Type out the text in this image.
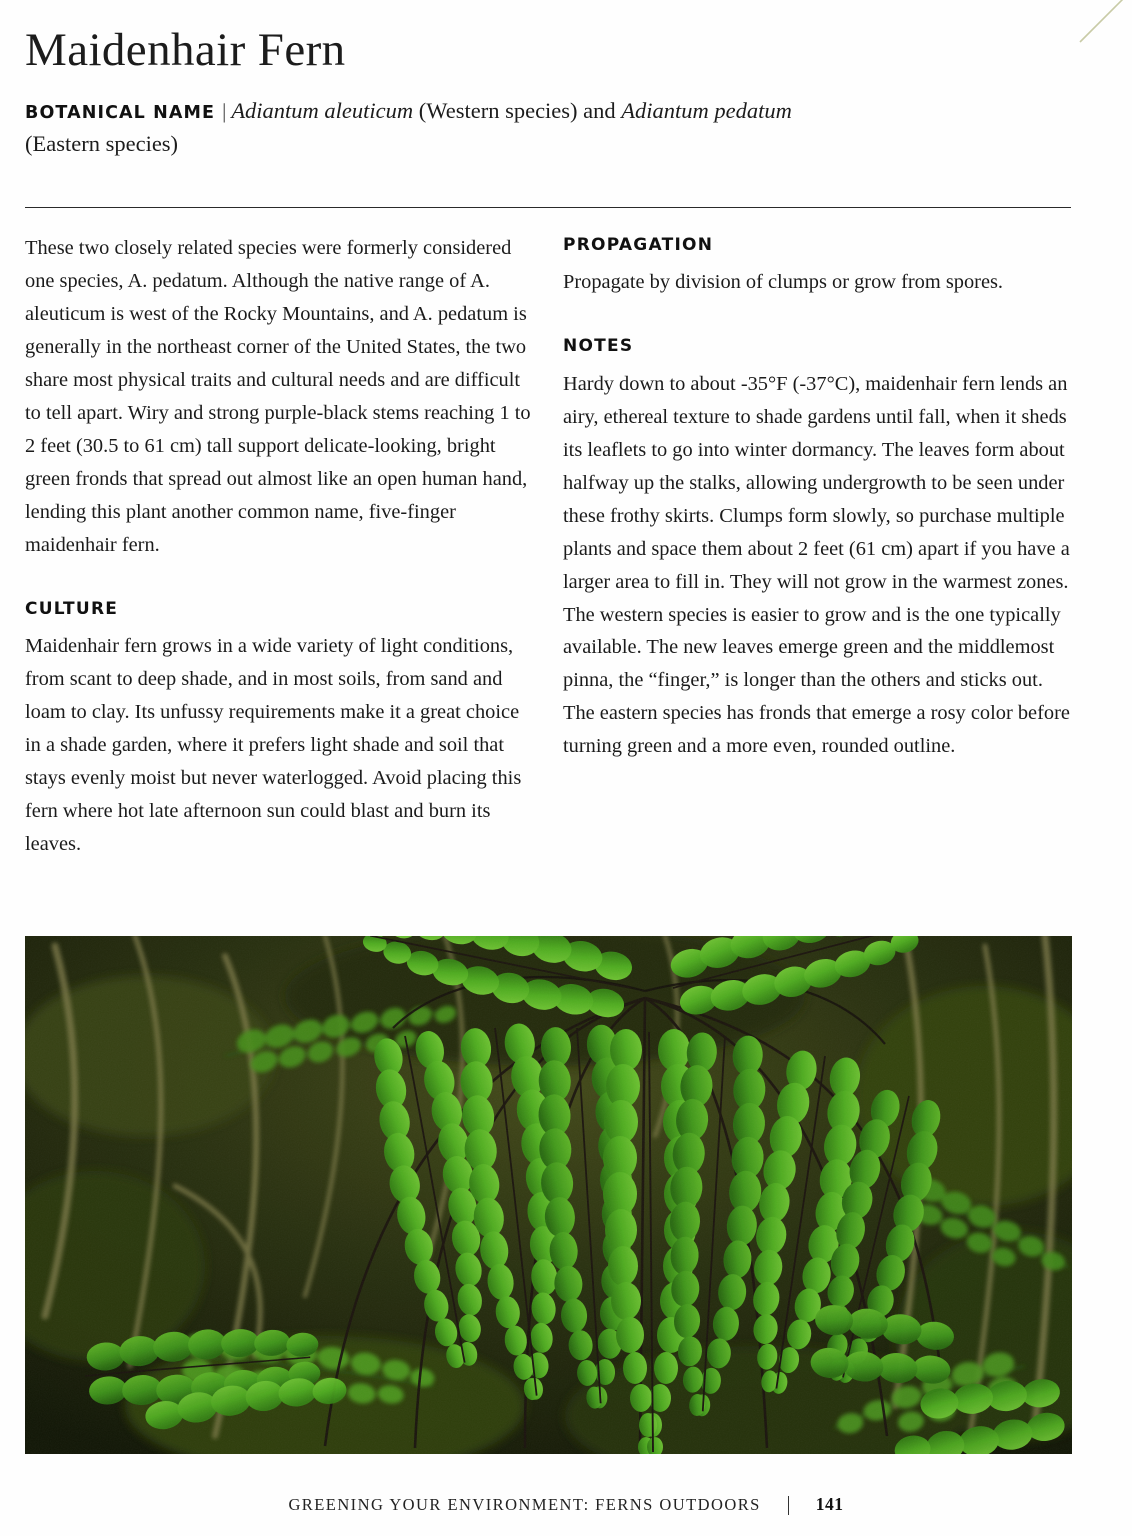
Maidenhair Fern

BOTANICAL NAME | Adiantum aleuticum (Western species) and Adiantum pedatum (Eastern species)

These two closely related species were formerly considered one species, A. pedatum. Although the native range of A. aleuticum is west of the Rocky Mountains, and A. pedatum is generally in the northeast corner of the United States, the two share most physical traits and cultural needs and are difficult to tell apart. Wiry and strong purple-black stems reaching 1 to 2 feet (30.5 to 61 cm) tall support delicate-looking, bright green fronds that spread out almost like an open human hand, lending this plant another common name, five-finger maidenhair fern.

CULTURE

Maidenhair fern grows in a wide variety of light conditions, from scant to deep shade, and in most soils, from sand and loam to clay. Its unfussy requirements make it a great choice in a shade garden, where it prefers light shade and soil that stays evenly moist but never waterlogged. Avoid placing this fern where hot late afternoon sun could blast and burn its leaves.

PROPAGATION

Propagate by division of clumps or grow from spores.

NOTES

Hardy down to about -35°F (-37°C), maidenhair fern lends an airy, ethereal texture to shade gardens until fall, when it sheds its leaflets to go into winter dormancy. The leaves form about halfway up the stalks, allowing undergrowth to be seen under these frothy skirts. Clumps form slowly, so purchase multiple plants and space them about 2 feet (61 cm) apart if you have a larger area to fill in. They will not grow in the warmest zones. The western species is easier to grow and is the one typically available. The new leaves emerge green and the middlemost pinna, the “finger,” is longer than the others and sticks out. The eastern species has fronds that emerge a rosy color before turning green and a more even, rounded outline.

GREENING YOUR ENVIRONMENT: FERNS OUTDOORS	141
